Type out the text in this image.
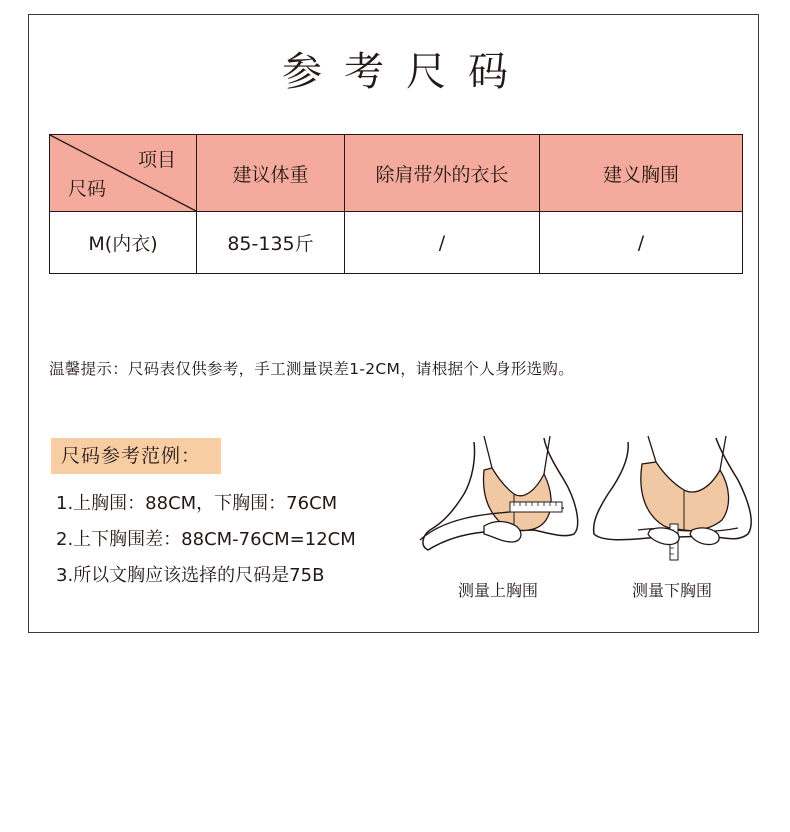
参考尺码
项目
尺码	建议体重	除肩带外的衣长	建义胸围
M(内衣)	85-135斤	/	/
温馨提示：尺码表仅供参考，手工测量误差1-2CM，请根据个人身形选购。
尺码参考范例：
1.上胸围：88CM，下胸围：76CM
2.上下胸围差：88CM-76CM=12CM
3.所以文胸应该选择的尺码是75B
测量上胸围	测量下胸围
